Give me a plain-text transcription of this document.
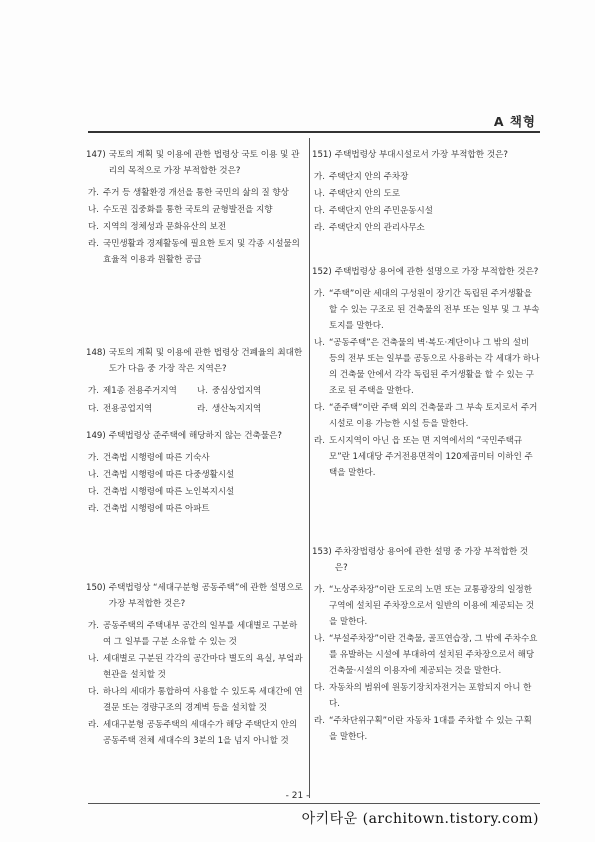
A 책형
147) 국토의 계획 및 이용에 관한 법령상 국토 이용 및 관리의 목적으로 가장 부적합한 것은?
가. 주거 등 생활환경 개선을 통한 국민의 삶의 질 향상
나. 수도권 집중화를 통한 국토의 균형발전을 지향
다. 지역의 정체성과 문화유산의 보전
라. 국민생활과 경제활동에 필요한 토지 및 각종 시설물의 효율적 이용과 원활한 공급
148) 국토의 계획 및 이용에 관한 법령상 건폐율의 최대한도가 다음 중 가장 작은 지역은?
가. 제1종 전용주거지역	나. 중심상업지역
다. 전용공업지역	라. 생산녹지지역
149) 주택법령상 준주택에 해당하지 않는 건축물은?
가. 건축법 시행령에 따른 기숙사
나. 건축법 시행령에 따른 다중생활시설
다. 건축법 시행령에 따른 노인복지시설
라. 건축법 시행령에 따른 아파트
150) 주택법령상 “세대구분형 공동주택”에 관한 설명으로 가장 부적합한 것은?
가. 공동주택의 주택내부 공간의 일부를 세대별로 구분하여 그 일부를 구분 소유할 수 있는 것
나. 세대별로 구분된 각각의 공간마다 별도의 욕실, 부엌과 현관을 설치할 것
다. 하나의 세대가 통합하여 사용할 수 있도록 세대간에 연결문 또는 경량구조의 경계벽 등을 설치할 것
라. 세대구분형 공동주택의 세대수가 해당 주택단지 안의 공동주택 전체 세대수의 3분의 1을 넘지 아니할 것
151) 주택법령상 부대시설로서 가장 부적합한 것은?
가. 주택단지 안의 주차장
나. 주택단지 안의 도로
다. 주택단지 안의 주민운동시설
라. 주택단지 안의 관리사무소
152) 주택법령상 용어에 관한 설명으로 가장 부적합한 것은?
가. “주택”이란 세대의 구성원이 장기간 독립된 주거생활을 할 수 있는 구조로 된 건축물의 전부 또는 일부 및 그 부속 토지를 말한다.
나. “공동주택”은 건축물의 벽·복도·계단이나 그 밖의 설비 등의 전부 또는 일부를 공동으로 사용하는 각 세대가 하나의 건축물 안에서 각각 독립된 주거생활을 할 수 있는 구조로 된 주택을 말한다.
다. “준주택”이란 주택 외의 건축물과 그 부속 토지로서 주거시설로 이용 가능한 시설 등을 말한다.
라. 도시지역이 아닌 읍 또는 면 지역에서의 “국민주택규모”란 1세대당 주거전용면적이 120제곱미터 이하인 주택을 말한다.
153) 주차장법령상 용어에 관한 설명 중 가장 부적합한 것은?
가. “노상주차장”이란 도로의 노면 또는 교통광장의 일정한 구역에 설치된 주차장으로서 일반의 이용에 제공되는 것을 말한다.
나. “부설주차장”이란 건축물, 골프연습장, 그 밖에 주차수요를 유발하는 시설에 부대하여 설치된 주차장으로서 해당 건축물·시설의 이용자에 제공되는 것을 말한다.
다. 자동차의 범위에 원동기장치자전거는 포함되지 아니 한다.
라. “주차단위구획”이란 자동차 1대를 주차할 수 있는 구획을 말한다.
- 21 -
아키타운 (architown.tistory.com)
